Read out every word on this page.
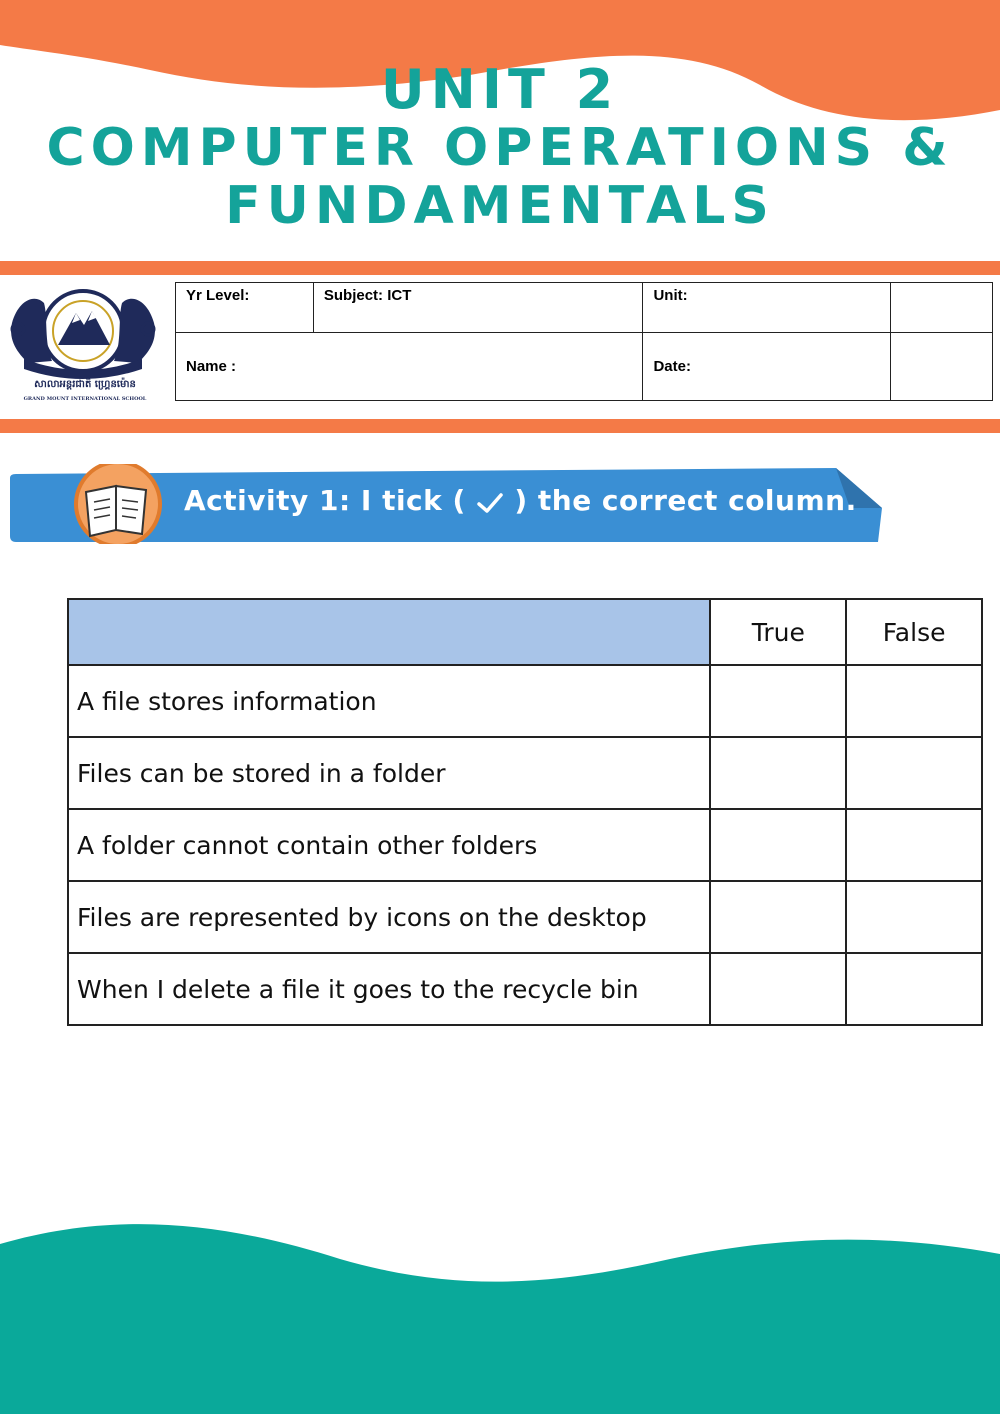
UNIT 2
COMPUTER OPERATIONS &
FUNDAMENTALS
សាលាអន្តរជាតិ ហ្គ្រេនម៉ោន
GRAND MOUNT INTERNATIONAL SCHOOL
Yr Level:	Subject: ICT	Unit:	
Name :		Date:	
Activity 1: I tick ( ) the correct column.
	True	False
A file stores information		
Files can be stored in a folder		
A folder cannot contain other folders		
Files are represented by icons on the desktop		
When I delete a file it goes to the recycle bin		
